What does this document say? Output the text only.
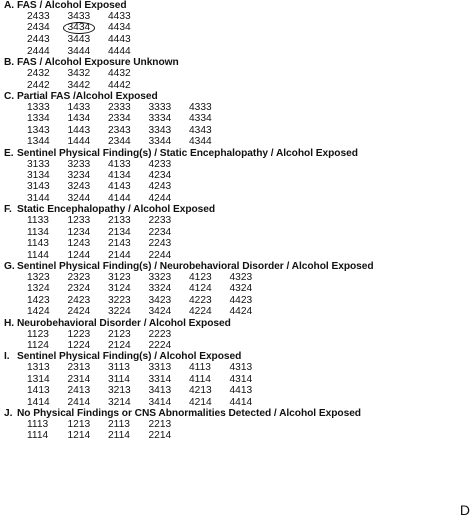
A. FAS / Alcohol Exposed
2433	3433	4433
2434	3434	4434
2443	3443	4443
2444	3444	4444
B. FAS / Alcohol Exposure Unknown
2432	3432	4432
2442	3442	4442
C. Partial FAS /Alcohol Exposed
1333	1433	2333	3333	4333
1334	1434	2334	3334	4334
1343	1443	2343	3343	4343
1344	1444	2344	3344	4344
E. Sentinel Physical Finding(s) / Static Encephalopathy / Alcohol Exposed
3133	3233	4133	4233
3134	3234	4134	4234
3143	3243	4143	4243
3144	3244	4144	4244
F. Static Encephalopathy / Alcohol Exposed
1133	1233	2133	2233
1134	1234	2134	2234
1143	1243	2143	2243
1144	1244	2144	2244
G. Sentinel Physical Finding(s) / Neurobehavioral Disorder / Alcohol Exposed
1323	2323	3123	3323	4123	4323
1324	2324	3124	3324	4124	4324
1423	2423	3223	3423	4223	4423
1424	2424	3224	3424	4224	4424
H. Neurobehavioral Disorder / Alcohol Exposed
1123	1223	2123	2223
1124	1224	2124	2224
I. Sentinel Physical Finding(s) / Alcohol Exposed
1313	2313	3113	3313	4113	4313
1314	2314	3114	3314	4114	4314
1413	2413	3213	3413	4213	4413
1414	2414	3214	3414	4214	4414
J. No Physical Findings or CNS Abnormalities Detected / Alcohol Exposed
1113	1213	2113	2213
1114	1214	2114	2214
D
